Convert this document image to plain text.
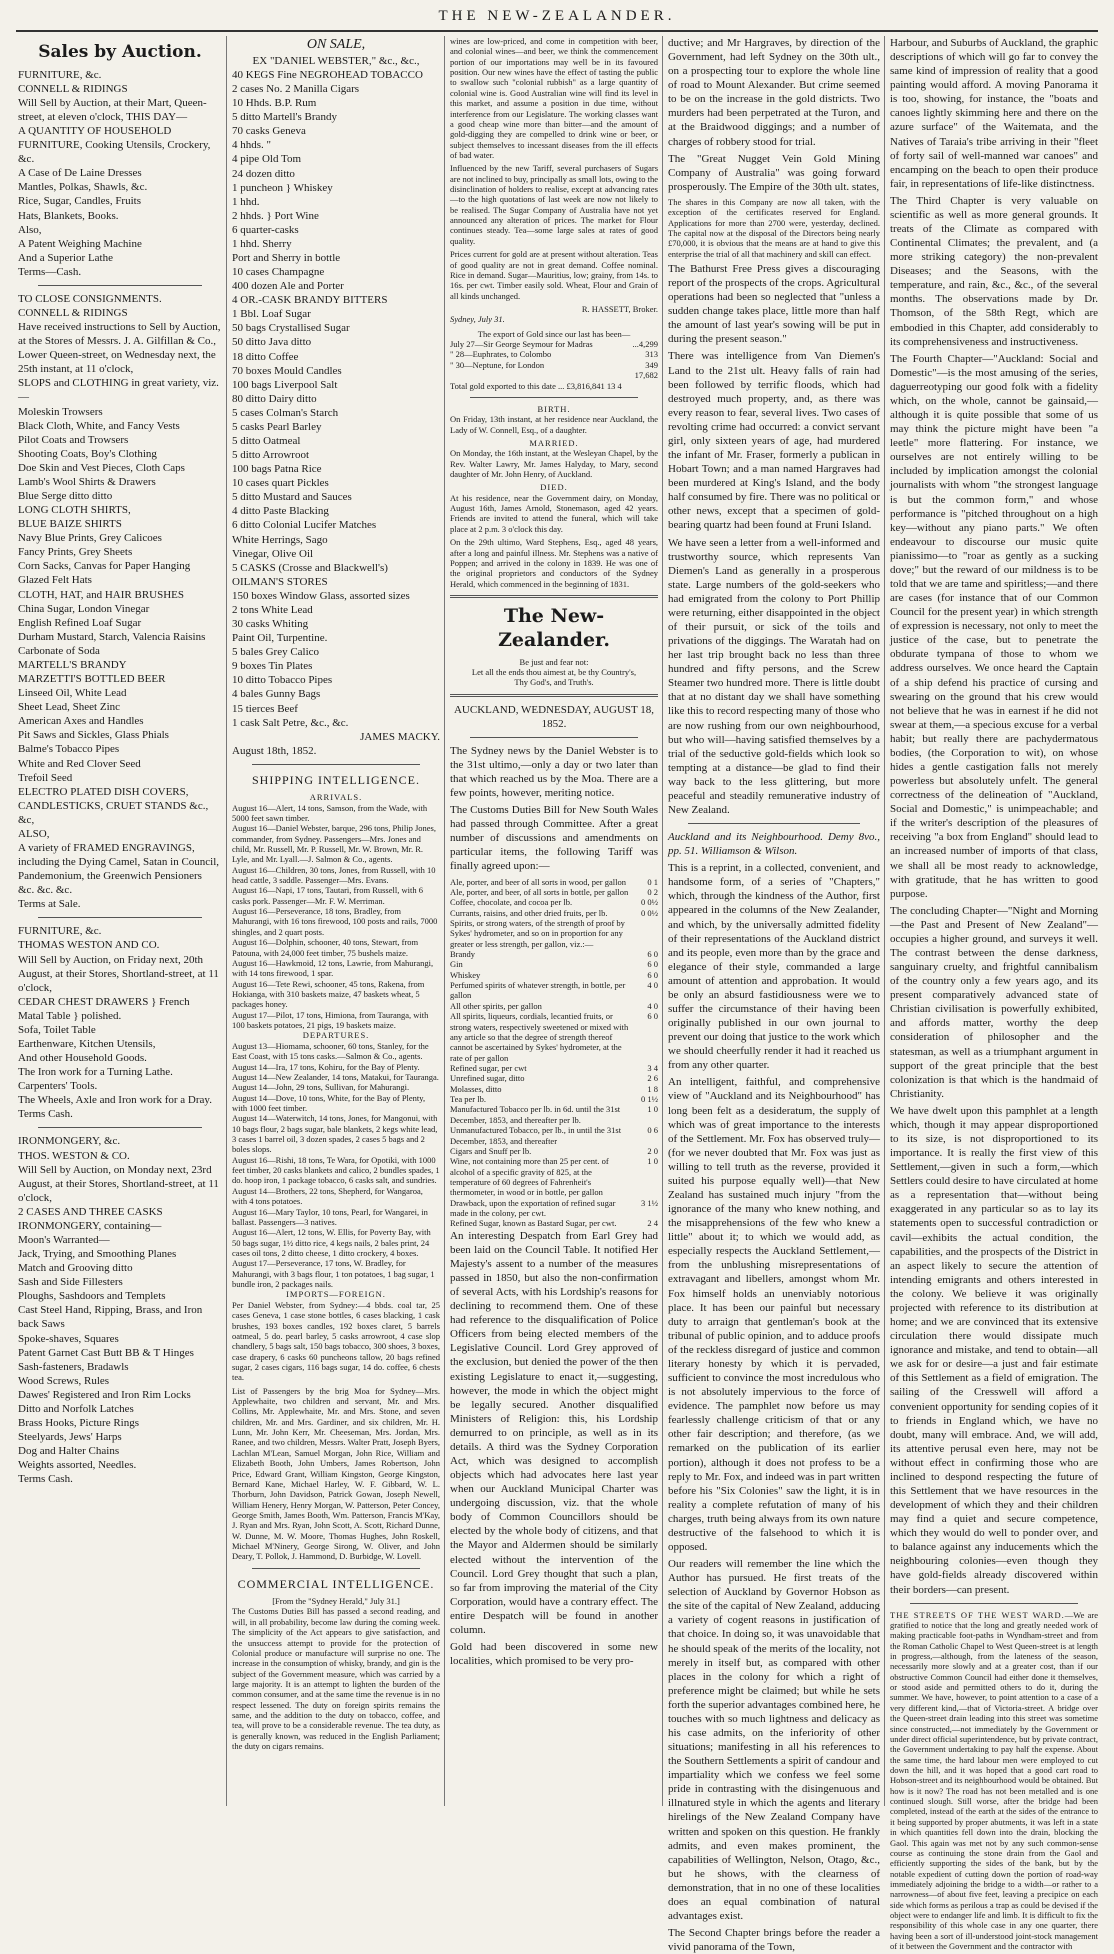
THE NEW-ZEALANDER.
Sales by Auction.
FURNITURE, &c.
CONNELL & RIDINGS
Will Sell by Auction, at their Mart, Queen-street, at eleven o'clock, THIS DAY—
A QUANTITY OF HOUSEHOLD FURNITURE, Cooking Utensils, Crockery, &c.
A Case of De Laine Dresses
Mantles, Polkas, Shawls, &c.
Rice, Sugar, Candles, Fruits
Hats, Blankets, Books.
Also,
A Patent Weighing Machine
And a Superior Lathe
Terms—Cash.
TO CLOSE CONSIGNMENTS.
CONNELL & RIDINGS
Have received instructions to Sell by Auction, at the Stores of Messrs. J. A. Gilfillan & Co., Lower Queen-street, on Wednesday next, the 25th instant, at 11 o'clock,
SLOPS and CLOTHING in great variety, viz.—
Moleskin Trowsers
Black Cloth, White, and Fancy Vests
Pilot Coats and Trowsers
Shooting Coats, Boy's Clothing
Doe Skin and Vest Pieces, Cloth Caps
Lamb's Wool Shirts & Drawers
Blue Serge ditto ditto
LONG CLOTH SHIRTS,
BLUE BAIZE SHIRTS
Navy Blue Prints, Grey Calicoes
Fancy Prints, Grey Sheets
Corn Sacks, Canvas for Paper Hanging
Glazed Felt Hats
CLOTH, HAT, and HAIR BRUSHES
China Sugar, London Vinegar
English Refined Loaf Sugar
Durham Mustard, Starch, Valencia Raisins
Carbonate of Soda
MARTELL'S BRANDY
MARZETTI'S BOTTLED BEER
Linseed Oil, White Lead
Sheet Lead, Sheet Zinc
American Axes and Handles
Pit Saws and Sickles, Glass Phials
Balme's Tobacco Pipes
White and Red Clover Seed
Trefoil Seed
ELECTRO PLATED DISH COVERS, CANDLESTICKS, CRUET STANDS &c., &c,
ALSO,
A variety of FRAMED ENGRAVINGS, including the Dying Camel, Satan in Council, Pandemonium, the Greenwich Pensioners
&c. &c. &c.
Terms at Sale.
FURNITURE, &c.
THOMAS WESTON AND CO.
Will Sell by Auction, on Friday next, 20th August, at their Stores, Shortland-street, at 11 o'clock,
CEDAR CHEST DRAWERS } French
Matal Table } polished.
Sofa, Toilet Table
Earthenware, Kitchen Utensils,
And other Household Goods.
The Iron work for a Turning Lathe.
Carpenters' Tools.
The Wheels, Axle and Iron work for a Dray.
Terms Cash.
IRONMONGERY, &c.
THOS. WESTON & CO.
Will Sell by Auction, on Monday next, 23rd August, at their Stores, Shortland-street, at 11 o'clock,
2 CASES AND THREE CASKS IRONMONGERY, containing—
Moon's Warranted—
Jack, Trying, and Smoothing Planes
Match and Grooving ditto
Sash and Side Fillesters
Ploughs, Sashdoors and Templets
Cast Steel Hand, Ripping, Brass, and Iron back Saws
Spoke-shaves, Squares
Patent Garnet Cast Butt BB & T Hinges
Sash-fasteners, Bradawls
Wood Screws, Rules
Dawes' Registered and Iron Rim Locks
Ditto and Norfolk Latches
Brass Hooks, Picture Rings
Steelyards, Jews' Harps
Dog and Halter Chains
Weights assorted, Needles.
Terms Cash.
ON SALE,
EX "DANIEL WEBSTER," &c., &c.,
40 KEGS Fine NEGROHEAD TOBACCO
2 cases No. 2 Manilla Cigars
10 Hhds. B.P. Rum
5 ditto Martell's Brandy
70 casks Geneva
4 hhds. "
4 pipe Old Tom
24 dozen ditto
1 puncheon } Whiskey
1 hhd.
2 hhds. } Port Wine
6 quarter-casks
1 hhd. Sherry
Port and Sherry in bottle
10 cases Champagne
400 dozen Ale and Porter
4 OR.-CASK BRANDY BITTERS
1 Bbl. Loaf Sugar
50 bags Crystallised Sugar
50 ditto Java ditto
18 ditto Coffee
70 boxes Mould Candles
100 bags Liverpool Salt
80 ditto Dairy ditto
5 cases Colman's Starch
5 casks Pearl Barley
5 ditto Oatmeal
5 ditto Arrowroot
100 bags Patna Rice
10 cases quart Pickles
5 ditto Mustard and Sauces
4 ditto Paste Blacking
6 ditto Colonial Lucifer Matches
White Herrings, Sago
Vinegar, Olive Oil
5 CASKS (Crosse and Blackwell's) OILMAN'S STORES
150 boxes Window Glass, assorted sizes
2 tons White Lead
30 casks Whiting
Paint Oil, Turpentine.
5 bales Grey Calico
9 boxes Tin Plates
10 ditto Tobacco Pipes
4 bales Gunny Bags
15 tierces Beef
1 cask Salt Petre, &c., &c.
JAMES MACKY.
August 18th, 1852.
SHIPPING INTELLIGENCE.
ARRIVALS.
August 16—Alert, 14 tons, Samson, from the Wade, with 5000 feet sawn timber.
August 16—Daniel Webster, barque, 296 tons, Philip Jones, commander, from Sydney. Passengers—Mrs. Jones and child, Mr. Russell, Mr. P. Russell, Mr. W. Brown, Mr. R. Lyle, and Mr. Lyall.—J. Salmon & Co., agents.
August 16—Children, 30 tons, Jones, from Russell, with 10 head cattle, 3 saddle. Passenger—Mrs. Evans.
August 16—Napi, 17 tons, Tautari, from Russell, with 6 casks pork. Passenger—Mr. F. W. Merriman.
August 16—Perseverance, 18 tons, Bradley, from Mahurangi, with 16 tons firewood, 100 posts and rails, 7000 shingles, and 2 quart posts.
August 16—Dolphin, schooner, 40 tons, Stewart, from Patouna, with 24,000 feet timber, 75 bushels maize.
August 16—Hawkmoid, 12 tons, Lawrie, from Mahurangi, with 14 tons firewood, 1 spar.
August 16—Tete Rewi, schooner, 45 tons, Rakena, from Hokianga, with 310 baskets maize, 47 baskets wheat, 5 packages honey.
August 17—Pilot, 17 tons, Himiona, from Tauranga, with 100 baskets potatoes, 21 pigs, 19 baskets maize.
DEPARTURES.
August 13—Hiomama, schooner, 60 tons, Stanley, for the East Coast, with 15 tons casks.—Salmon & Co., agents.
August 14—Ira, 17 tons, Kohiru, for the Bay of Plenty.
August 14—New Zealander, 14 tons, Matakui, for Tauranga.
August 14—John, 29 tons, Sullivan, for Mahurangi.
August 14—Dove, 10 tons, White, for the Bay of Plenty, with 1000 feet timber.
August 14—Waterwitch, 14 tons, Jones, for Mangonui, with 10 bags flour, 2 bags sugar, bale blankets, 2 kegs white lead, 3 cases 1 barrel oil, 3 dozen spades, 2 cases 5 bags and 2 boles slops.
August 16—Rishi, 18 tons, Te Wara, for Opotiki, with 1000 feet timber, 20 casks blankets and calico, 2 bundles spades, 1 do. hoop iron, 1 package tobacco, 6 casks salt, and sundries.
August 14—Brothers, 22 tons, Shepherd, for Wangaroa, with 4 tons potatoes.
August 16—Mary Taylor, 10 tons, Pearl, for Wangarei, in ballast. Passengers—3 natives.
August 16—Alert, 12 tons, W. Ellis, for Poverty Bay, with 50 bags sugar, 1½ ditto rice, 4 kegs nails, 2 bales print, 24 cases oil tons, 2 ditto cheese, 1 ditto crockery, 4 boxes.
August 17—Perseverance, 17 tons, W. Bradley, for Mahurangi, with 3 bags flour, 1 ton potatoes, 1 bag sugar, 1 bundle iron, 2 packages nails.
IMPORTS—FOREIGN.

Per Daniel Webster, from Sydney:—4 bbds. coal tar, 25 cases Geneva, 1 case stone bottles, 6 cases blacking, 1 cask brushes, 193 boxes candles, 192 boxes claret, 5 barrels oatmeal, 5 do. pearl barley, 5 casks arrowroot, 4 case slop chandlery, 5 bags salt, 150 bags tobacco, 300 shoes, 3 boxes, case drapery, 6 casks 60 puncheons tallow, 20 bags refined sugar, 2 cases cigars, 116 bags sugar, 14 do. coffee, 6 chests tea.

List of Passengers by the brig Moa for Sydney—Mrs. Applewhaite, two children and servant, Mr. and Mrs. Collins, Mr. Applewhaite, Mr. and Mrs. Stone, and seven children, Mr. and Mrs. Gardiner, and six children, Mr. H. Lunn, Mr. John Kerr, Mr. Cheeseman, Mrs. Jordan, Mrs. Ranee, and two children, Messrs. Walter Pratt, Joseph Byers, Lachlan M'Lean, Samuel Morgan, John Rice, William and Elizabeth Booth, John Umbers, James Robertson, John Price, Edward Grant, William Kingston, George Kingston, Bernard Kane, Michael Harley, W. F. Gibbard, W. L. Thorburn, John Davidson, Patrick Gowan, Joseph Newell, William Henery, Henry Morgan, W. Patterson, Peter Concey, George Smith, James Booth, Wm. Patterson, Francis M'Kay, J. Ryan and Mrs. Ryan, John Scott, A. Scott, Richard Dunne, W. Dunne, M. W. Moore, Thomas Hughes, John Roskell, Michael M'Ninery, George Sirong, W. Oliver, and John Deary, T. Pollok, J. Hammond, D. Burbidge, W. Lovell.

COMMERCIAL INTELLIGENCE.
[From the "Sydney Herald," July 31.]

The Customs Duties Bill has passed a second reading, and will, in all probability, become law during the coming week. The simplicity of the Act appears to give satisfaction, and the unsuccess attempt to provide for the protection of Colonial produce or manufacture will surprise no one. The increase in the consumption of whisky, brandy, and gin is the subject of the Government measure, which was carried by a large majority. It is an attempt to lighten the burden of the common consumer, and at the same time the revenue is in no respect lessened. The duty on foreign spirits remains the same, and the addition to the duty on tobacco, coffee, and tea, will prove to be a considerable revenue. The tea duty, as is generally known, was reduced in the English Parliament; the duty on cigars remains.

wines are low-priced, and come in competition with beer, and colonial wines—and beer, we think the commencement portion of our importations may well be in its favoured position. Our new wines have the effect of tasting the public to swallow such "colonial rubbish" as a large quantity of colonial wine is. Good Australian wine will find its level in this market, and assume a position in due time, without interference from our Legislature. The working classes want a good cheap wine more than bitter—and the amount of gold-digging they are compelled to drink wine or beer, or subject themselves to incessant diseases from the ill effects of bad water.

Influenced by the new Tariff, several purchasers of Sugars are not inclined to buy, principally as small lots, owing to the disinclination of holders to realise, except at advancing rates—to the high quotations of last week are now not likely to be realised. The Sugar Company of Australia have not yet announced any alteration of prices. The market for Flour continues steady. Tea—some large sales at rates of good quality.

Prices current for gold are at present without alteration. Teas of good quality are not in great demand. Coffee nominal. Rice in demand. Sugar—Mauritius, low; grainy, from 14s. to 16s. per cwt. Timber easily sold. Wheat, Flour and Grain of all kinds unchanged.

R. HASSETT, Broker.
Sydney, July 31.
The export of Gold since our last has been—
July 27—Sir George Seymour for Madras	...4,299
" 28—Euphrates, to Colombo	313
" 30—Neptune, for London	349
17,682
Total gold exported to this date ... £3,816,841 13 4
BIRTH.

On Friday, 13th instant, at her residence near Auckland, the Lady of W. Connell, Esq., of a daughter.

MARRIED.

On Monday, the 16th instant, at the Wesleyan Chapel, by the Rev. Walter Lawry, Mr. James Halyday, to Mary, second daughter of Mr. John Henry, of Auckland.

DIED.

At his residence, near the Government dairy, on Monday, August 16th, James Arnold, Stonemason, aged 42 years. Friends are invited to attend the funeral, which will take place at 2 p.m. 3 o'clock this day.

On the 29th ultimo, Ward Stephens, Esq., aged 48 years, after a long and painful illness. Mr. Stephens was a native of Poppen; and arrived in the colony in 1839. He was one of the original proprietors and conductors of the Sydney Herald, which commenced in the beginning of 1831.

The New-Zealander.
Be just and fear not:
Let all the ends thou aimest at, be thy Country's,
Thy God's, and Truth's.
AUCKLAND, WEDNESDAY, AUGUST 18, 1852.

The Sydney news by the Daniel Webster is to the 31st ultimo,—only a day or two later than that which reached us by the Moa. There are a few points, however, meriting notice.

The Customs Duties Bill for New South Wales had passed through Committee. After a great number of discussions and amendments on particular items, the following Tariff was finally agreed upon:—

Ale, porter, and beer of all sorts in wood, per gallon	0 1
Ale, porter, and beer, of all sorts in bottle, per gallon	0 2
Coffee, chocolate, and cocoa per lb.	0 0½
Currants, raisins, and other dried fruits, per lb.	0 0½
Spirits, or strong waters, of the strength of proof by Sykes' hydrometer, and so on in proportion for any greater or less strength, per gallon, viz.:—
Brandy	6 0
Gin	6 0
Whiskey	6 0
Perfumed spirits of whatever strength, in bottle, per gallon
4 0
All other spirits, per gallon	4 0
All spirits, liqueurs, cordials, lecantied fruits, or strong waters, respectively sweetened or mixed with any article so that the degree of strength thereof cannot be ascertained by Sykes' hydrometer, at the rate of per gallon
6 0
Refined sugar, per cwt	3 4
Unrefined sugar, ditto	2 6
Molasses, ditto	1 8
Tea per lb.	0 1½
Manufactured Tobacco per lb. in 6d. until the 31st December, 1853, and thereafter per lb.
1 0
Unmanufactured Tobacco, per lb., in until the 31st December, 1853, and thereafter
0 6
Cigars and Snuff per lb.	2 0
Wine, not containing more than 25 per cent. of alcohol of a specific gravity of 825, at the temperature of 60 degrees of Fahrenheit's thermometer, in wood or in bottle, per gallon
1 0
Drawback, upon the exportation of refined sugar made in the colony, per cwt.
3 1½
Refined Sugar, known as Bastard Sugar, per cwt.	2 4

An interesting Despatch from Earl Grey had been laid on the Council Table. It notified Her Majesty's assent to a number of the measures passed in 1850, but also the non-confirmation of several Acts, with his Lordship's reasons for declining to recommend them. One of these had reference to the disqualification of Police Officers from being elected members of the Legislative Council. Lord Grey approved of the exclusion, but denied the power of the then existing Legislature to enact it,—suggesting, however, the mode in which the object might be legally secured. Another disqualified Ministers of Religion: this, his Lordship demurred to on principle, as well as in its details. A third was the Sydney Corporation Act, which was designed to accomplish objects which had advocates here last year when our Auckland Municipal Charter was undergoing discussion, viz. that the whole body of Common Councillors should be elected by the whole body of citizens, and that the Mayor and Aldermen should be similarly elected without the intervention of the Council. Lord Grey thought that such a plan, so far from improving the material of the City Corporation, would have a contrary effect. The entire Despatch will be found in another column.

Gold had been discovered in some new localities, which promised to be very pro-

ductive; and Mr Hargraves, by direction of the Government, had left Sydney on the 30th ult., on a prospecting tour to explore the whole line of road to Mount Alexander. But crime seemed to be on the increase in the gold districts. Two murders had been perpetrated at the Turon, and at the Braidwood diggings; and a number of charges of robbery stood for trial.

The "Great Nugget Vein Gold Mining Company of Australia" was going forward prosperously. The Empire of the 30th ult. states,

The shares in this Company are now all taken, with the exception of the certificates reserved for England. Applications for more than 2700 were, yesterday, declined. The capital now at the disposal of the Directors being nearly £70,000, it is obvious that the means are at hand to give this enterprise the trial of all that machinery and skill can effect.

The Bathurst Free Press gives a discouraging report of the prospects of the crops. Agricultural operations had been so neglected that "unless a sudden change takes place, little more than half the amount of last year's sowing will be put in during the present season."

There was intelligence from Van Diemen's Land to the 21st ult. Heavy falls of rain had been followed by terrific floods, which had destroyed much property, and, as there was every reason to fear, several lives. Two cases of revolting crime had occurred: a convict servant girl, only sixteen years of age, had murdered the infant of Mr. Fraser, formerly a publican in Hobart Town; and a man named Hargraves had been murdered at King's Island, and the body half consumed by fire. There was no political or other news, except that a specimen of gold-bearing quartz had been found at Fruni Island.

We have seen a letter from a well-informed and trustworthy source, which represents Van Diemen's Land as generally in a prosperous state. Large numbers of the gold-seekers who had emigrated from the colony to Port Phillip were returning, either disappointed in the object of their pursuit, or sick of the toils and privations of the diggings. The Waratah had on her last trip brought back no less than three hundred and fifty persons, and the Screw Steamer two hundred more. There is little doubt that at no distant day we shall have something like this to record respecting many of those who are now rushing from our own neighbourhood, but who will—having satisfied themselves by a trial of the seductive gold-fields which look so tempting at a distance—be glad to find their way back to the less glittering, but more peaceful and steadily remunerative industry of New Zealand.

Auckland and its Neighbourhood. Demy 8vo., pp. 51. Williamson & Wilson.

This is a reprint, in a collected, convenient, and handsome form, of a series of "Chapters," which, through the kindness of the Author, first appeared in the columns of the New Zealander, and which, by the universally admitted fidelity of their representations of the Auckland district and its people, even more than by the grace and elegance of their style, commanded a large amount of attention and approbation. It would be only an absurd fastidiousness were we to suffer the circumstance of their having been originally published in our own journal to prevent our doing that justice to the work which we should cheerfully render it had it reached us from any other quarter.

An intelligent, faithful, and comprehensive view of "Auckland and its Neighbourhood" has long been felt as a desideratum, the supply of which was of great importance to the interests of the Settlement. Mr. Fox has observed truly—(for we never doubted that Mr. Fox was just as willing to tell truth as the reverse, provided it suited his purpose equally well)—that New Zealand has sustained much injury "from the ignorance of the many who knew nothing, and the misapprehensions of the few who knew a little" about it; to which we would add, as especially respects the Auckland Settlement,—from the unblushing misrepresentations of extravagant and libellers, amongst whom Mr. Fox himself holds an unenviably notorious place. It has been our painful but necessary duty to arraign that gentleman's book at the tribunal of public opinion, and to adduce proofs of the reckless disregard of justice and common literary honesty by which it is pervaded, sufficient to convince the most incredulous who is not absolutely impervious to the force of evidence. The pamphlet now before us may fearlessly challenge criticism of that or any other fair description; and therefore, (as we remarked on the publication of its earlier portion), although it does not profess to be a reply to Mr. Fox, and indeed was in part written before his "Six Colonies" saw the light, it is in reality a complete refutation of many of his charges, truth being always from its own nature destructive of the falsehood to which it is opposed.

Our readers will remember the line which the Author has pursued. He first treats of the selection of Auckland by Governor Hobson as the site of the capital of New Zealand, adducing a variety of cogent reasons in justification of that choice. In doing so, it was unavoidable that he should speak of the merits of the locality, not merely in itself but, as compared with other places in the colony for which a right of preference might be claimed; but while he sets forth the superior advantages combined here, he touches with so much lightness and delicacy as his case admits, on the inferiority of other situations; manifesting in all his references to the Southern Settlements a spirit of candour and impartiality which we confess we feel some pride in contrasting with the disingenuous and illnatured style in which the agents and literary hirelings of the New Zealand Company have written and spoken on this question. He frankly admits, and even makes prominent, the capabilities of Wellington, Nelson, Otago, &c., but he shows, with the clearness of demonstration, that in no one of these localities does an equal combination of natural advantages exist.

The Second Chapter brings before the reader a vivid panorama of the Town,

Harbour, and Suburbs of Auckland, the graphic descriptions of which will go far to convey the same kind of impression of reality that a good painting would afford. A moving Panorama it is too, showing, for instance, the "boats and canoes lightly skimming here and there on the azure surface" of the Waitemata, and the Natives of Taraia's tribe arriving in their "fleet of forty sail of well-manned war canoes" and encamping on the beach to open their produce fair, in representations of life-like distinctness.

The Third Chapter is very valuable on scientific as well as more general grounds. It treats of the Climate as compared with Continental Climates; the prevalent, and (a more striking category) the non-prevalent Diseases; and the Seasons, with the temperature, and rain, &c., &c., of the several months. The observations made by Dr. Thomson, of the 58th Regt, which are embodied in this Chapter, add considerably to its comprehensiveness and instructiveness.

The Fourth Chapter—"Auckland: Social and Domestic"—is the most amusing of the series, daguerreotyping our good folk with a fidelity which, on the whole, cannot be gainsaid,—although it is quite possible that some of us may think the picture might have been "a leetle" more flattering. For instance, we ourselves are not entirely willing to be included by implication amongst the colonial journalists with whom "the strongest language is but the common form," and whose performance is "pitched throughout on a high key—without any piano parts." We often endeavour to discourse our music quite pianissimo—to "roar as gently as a sucking dove;" but the reward of our mildness is to be told that we are tame and spiritless;—and there are cases (for instance that of our Common Council for the present year) in which strength of expression is necessary, not only to meet the justice of the case, but to penetrate the obdurate tympana of those to whom we address ourselves. We once heard the Captain of a ship defend his practice of cursing and swearing on the ground that his crew would not believe that he was in earnest if he did not swear at them,—a specious excuse for a verbal habit; but really there are pachydermatous bodies, (the Corporation to wit), on whose hides a gentle castigation falls not merely powerless but absolutely unfelt. The general correctness of the delineation of "Auckland, Social and Domestic," is unimpeachable; and if the writer's description of the pleasures of receiving "a box from England" should lead to an increased number of imports of that class, we shall all be most ready to acknowledge, with gratitude, that he has written to good purpose.

The concluding Chapter—"Night and Morning—the Past and Present of New Zealand"—occupies a higher ground, and surveys it well. The contrast between the dense darkness, sanguinary cruelty, and frightful cannibalism of the country only a few years ago, and its present comparatively advanced state of Christian civilisation is powerfully exhibited, and affords matter, worthy the deep consideration of philosopher and the statesman, as well as a triumphant argument in support of the great principle that the best colonization is that which is the handmaid of Christianity.

We have dwelt upon this pamphlet at a length which, though it may appear disproportioned to its size, is not disproportioned to its importance. It is really the first view of this Settlement,—given in such a form,—which Settlers could desire to have circulated at home as a representation that—without being exaggerated in any particular so as to lay its statements open to successful contradiction or cavil—exhibits the actual condition, the capabilities, and the prospects of the District in an aspect likely to secure the attention of intending emigrants and others interested in the colony. We believe it was originally projected with reference to its distribution at home; and we are convinced that its extensive circulation there would dissipate much ignorance and mistake, and tend to obtain—all we ask for or desire—a just and fair estimate of this Settlement as a field of emigration. The sailing of the Cresswell will afford a convenient opportunity for sending copies of it to friends in England which, we have no doubt, many will embrace. And, we will add, its attentive perusal even here, may not be without effect in confirming those who are inclined to despond respecting the future of this Settlement that we have resources in the development of which they and their children may find a quiet and secure competence, which they would do well to ponder over, and to balance against any inducements which the neighbouring colonies—even though they have gold-fields already discovered within their borders—can present.

THE STREETS OF THE WEST WARD.—We are gratified to notice that the long and greatly needed work of making practicable foot-paths in Wyndham-street and from the Roman Catholic Chapel to West Queen-street is at length in progress,—although, from the lateness of the season, necessarily more slowly and at a greater cost, than if our obstructive Common Council had either done it themselves, or stood aside and permitted others to do it, during the summer. We have, however, to point attention to a case of a very different kind,—that of Victoria-street. A bridge over the Queen-street drain leading into this street was sometime since constructed,—not immediately by the Government or under direct official superintendence, but by private contract, the Government undertaking to pay half the expense. About the same time, the hard labour men were employed to cut down the hill, and it was hoped that a good cart road to Hobson-street and its neighbourhood would be obtained. But how is it now? The road has not been metalled and is one continued slough. Still worse, after the bridge had been completed, instead of the earth at the sides of the entrance to it being supported by proper abutments, it was left in a state in which quantities fell down into the drain, blocking the Gaol. This again was met not by any such common-sense course as continuing the stone drain from the Gaol and efficiently supporting the sides of the bank, but by the notable expedient of cutting down the portion of road-way immediately adjoining the bridge to a width—or rather to a narrowness—of about five feet, leaving a precipice on each side which forms as perilous a trap as could be devised if the object were to endanger life and limb. It is difficult to fix the responsibility of this whole case in any one quarter, there having been a sort of ill-understood joint-stock management of it between the Government and the contractor with
